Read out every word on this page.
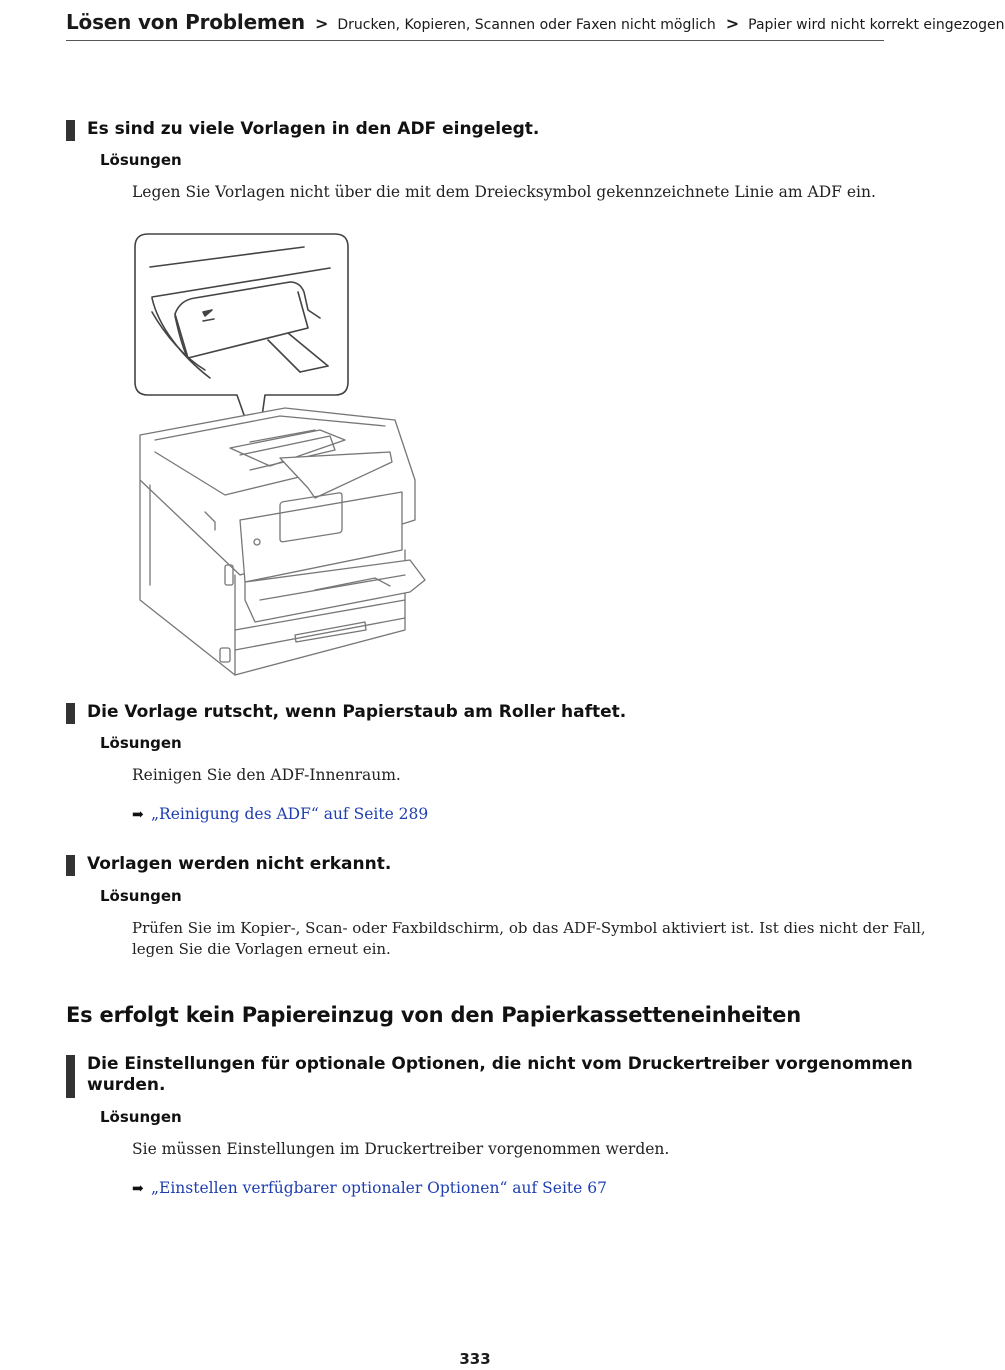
Lösen von Problemen > Drucken, Kopieren, Scannen oder Faxen nicht möglich > Papier wird nicht korrekt eingezogen
Es sind zu viele Vorlagen in den ADF eingelegt.
Lösungen
Legen Sie Vorlagen nicht über die mit dem Dreiecksymbol gekennzeichnete Linie am ADF ein.
Die Vorlage rutscht, wenn Papierstaub am Roller haftet.
Lösungen
Reinigen Sie den ADF-Innenraum.
➡ „Reinigung des ADF“ auf Seite 289
Vorlagen werden nicht erkannt.
Lösungen
Prüfen Sie im Kopier-, Scan- oder Faxbildschirm, ob das ADF-Symbol aktiviert ist. Ist dies nicht der Fall,
legen Sie die Vorlagen erneut ein.
Es erfolgt kein Papiereinzug von den Papierkassetteneinheiten
Die Einstellungen für optionale Optionen, die nicht vom Druckertreiber vorgenommen
wurden.
Lösungen
Sie müssen Einstellungen im Druckertreiber vorgenommen werden.
➡ „Einstellen verfügbarer optionaler Optionen“ auf Seite 67
333
